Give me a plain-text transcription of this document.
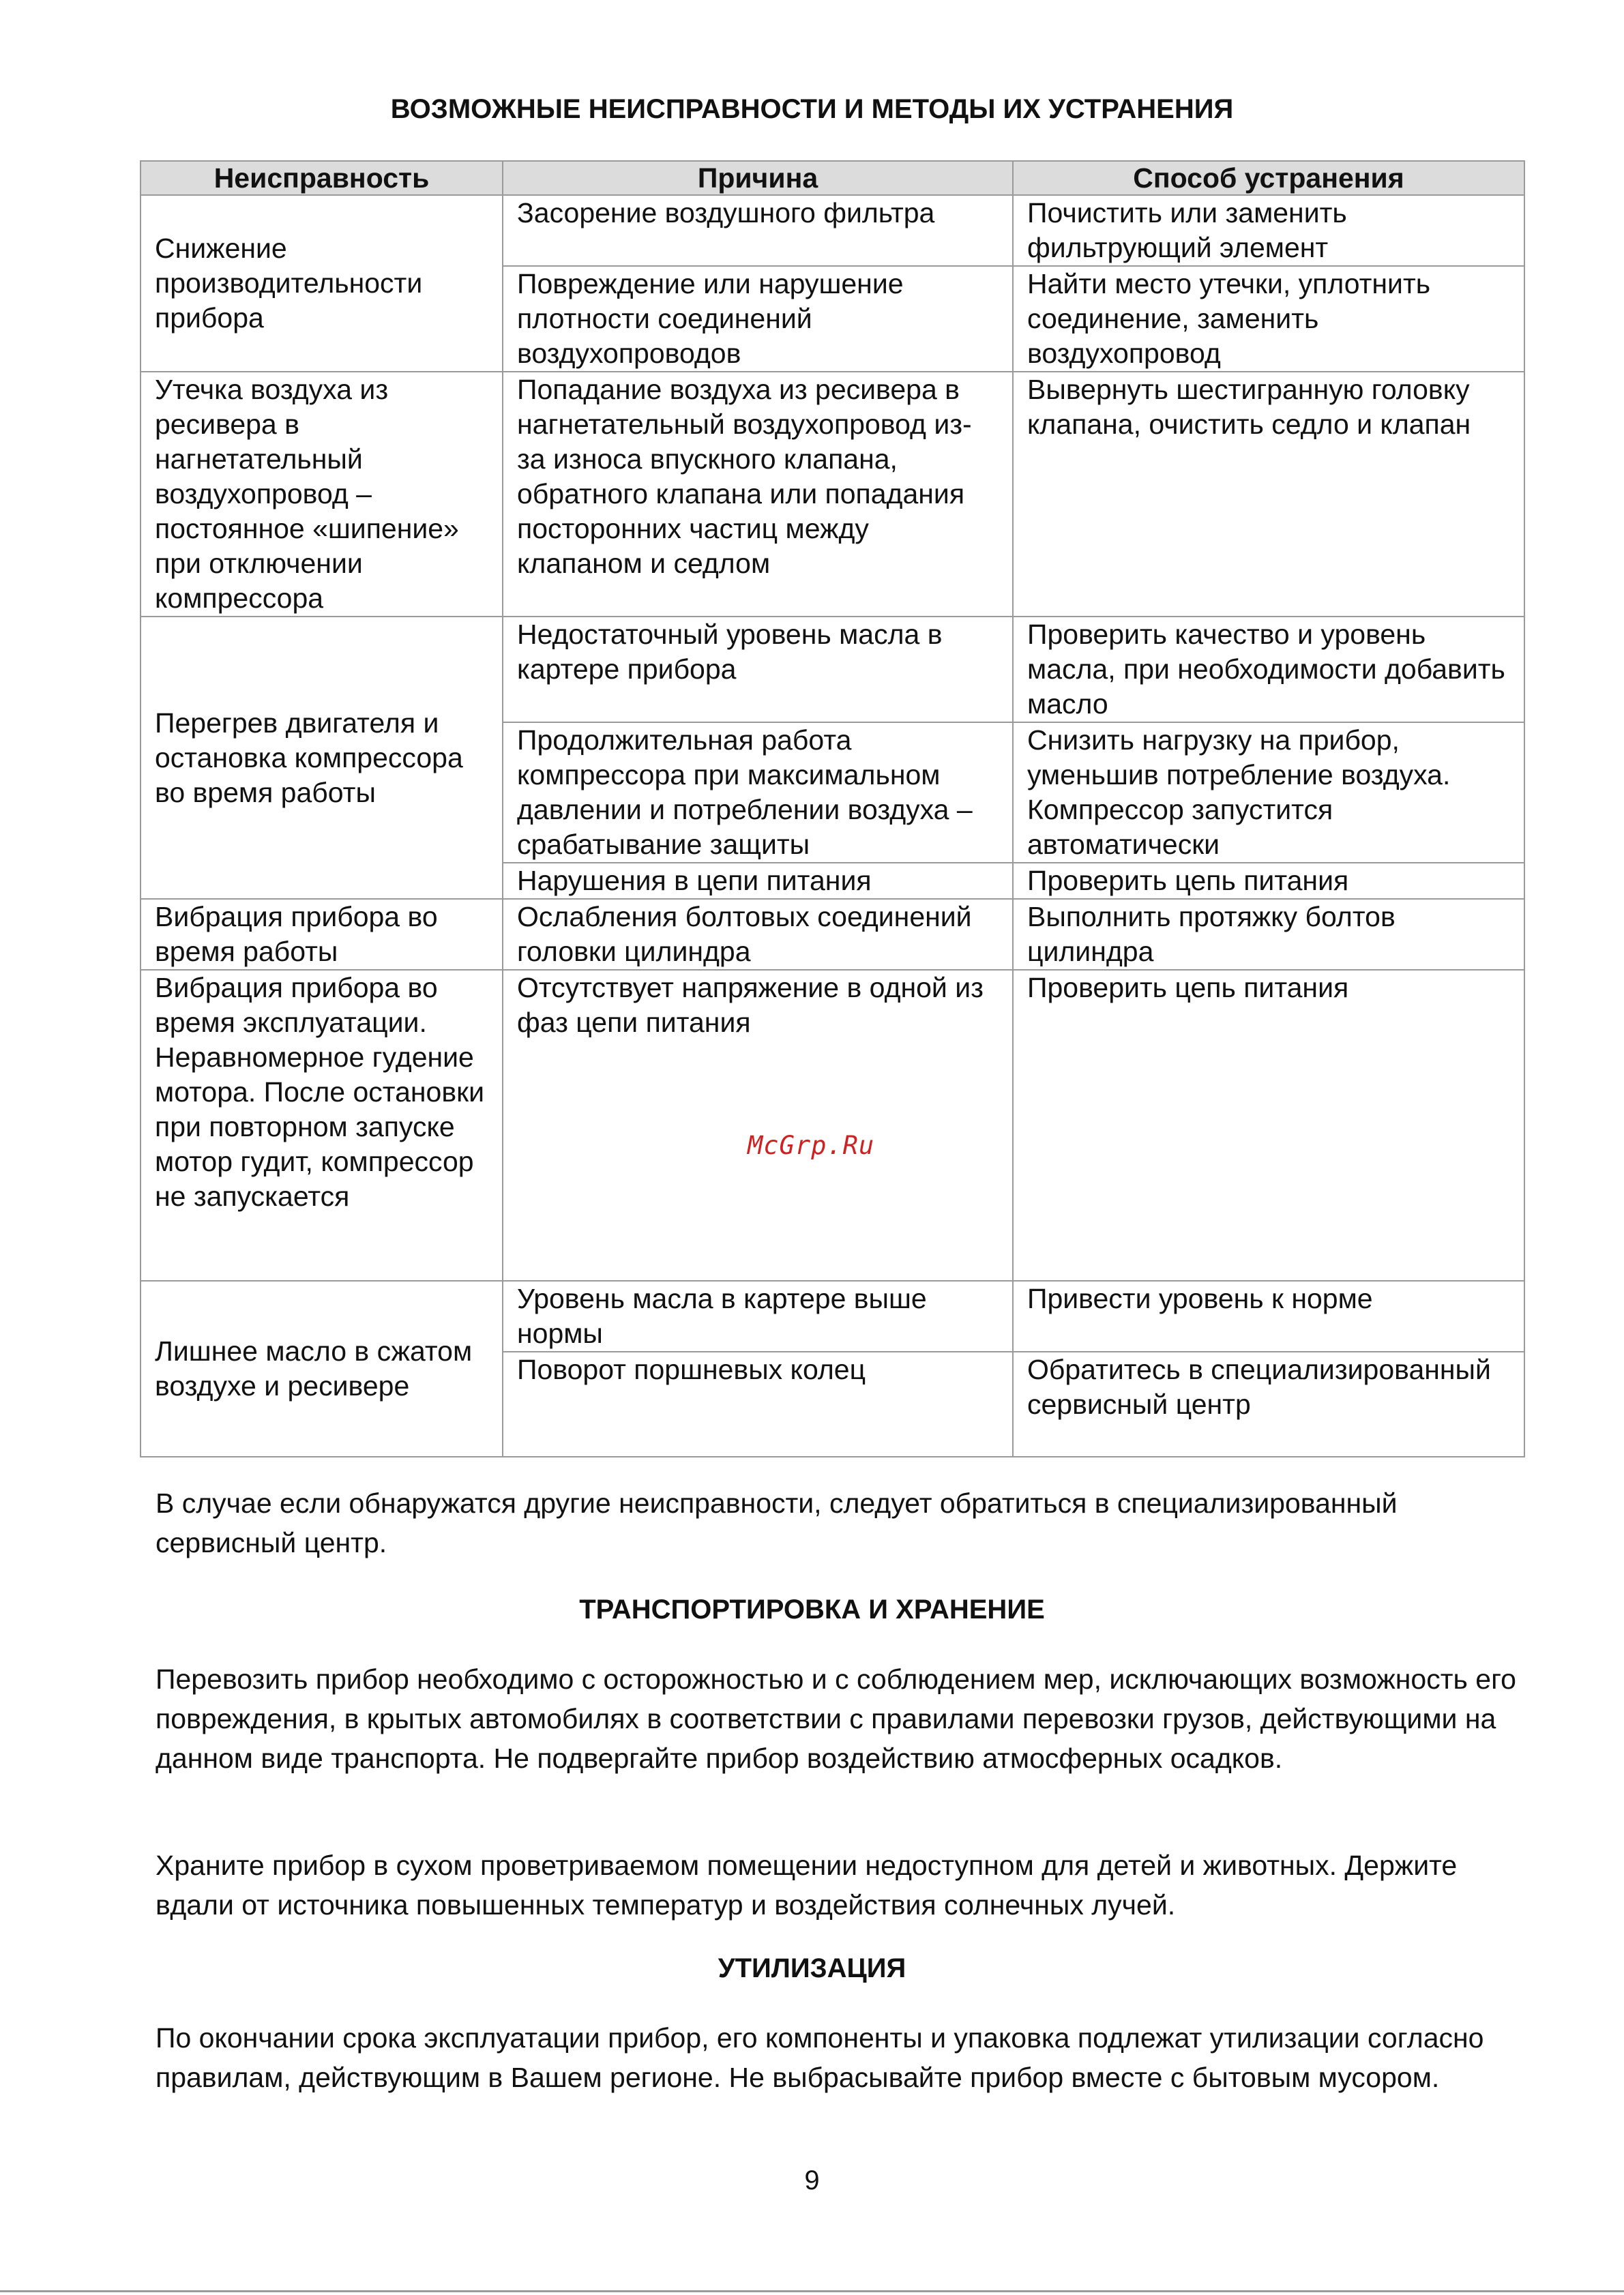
ВОЗМОЖНЫЕ НЕИСПРАВНОСТИ И МЕТОДЫ ИХ УСТРАНЕНИЯ
Неисправность	Причина	Способ устранения
Снижение производительности прибора	Засорение воздушного фильтра	Почистить или заменить фильтрующий элемент
	Повреждение или нарушение плотности соединений воздухопроводов	Найти место утечки, уплотнить соединение, заменить воздухопровод
Утечка воздуха из ресивера в нагнетательный воздухопровод – постоянное «шипение» при отключении компрессора	Попадание воздуха из ресивера в нагнетательный воздухопровод из-за износа впускного клапана, обратного клапана или попадания посторонних частиц между клапаном и седлом	Вывернуть шестигранную головку клапана, очистить седло и клапан
Перегрев двигателя и остановка компрессора во время работы	Недостаточный уровень масла в картере прибора	Проверить качество и уровень масла, при необходимости добавить масло
	Продолжительная работа компрессора при максимальном давлении и потреблении воздуха – срабатывание защиты	Снизить нагрузку на прибор, уменьшив потребление воздуха. Компрессор запустится автоматически
	Нарушения в цепи питания	Проверить цепь питания
Вибрация прибора во время работы	Ослабления болтовых соединений головки цилиндра	Выполнить протяжку болтов цилиндра
Вибрация прибора во время эксплуатации. Неравномерное гудение мотора. После остановки при повторном запуске мотор гудит, компрессор не запускается	Отсутствует напряжение в одной из фаз цепи питания	Проверить цепь питания
Лишнее масло в сжатом воздухе и ресивере	Уровень масла в картере выше нормы	Привести уровень к норме
	Поворот поршневых колец	Обратитесь в специализированный сервисный центр
McGrp.Ru

В случае если обнаружатся другие неисправности, следует обратиться в специализированный сервисный центр.

ТРАНСПОРТИРОВКА И ХРАНЕНИЕ

Перевозить прибор необходимо с осторожностью и с соблюдением мер, исключающих возможность его повреждения, в крытых автомобилях в соответствии с правилами перевозки грузов, действующими на данном виде транспорта. Не подвергайте прибор воздействию атмосферных осадков.

Храните прибор в сухом проветриваемом помещении недоступном для детей и животных. Держите вдали от источника повышенных температур и воздействия солнечных лучей.

УТИЛИЗАЦИЯ

По окончании срока эксплуатации прибор, его компоненты и упаковка подлежат утилизации согласно правилам, действующим в Вашем регионе. Не выбрасывайте прибор вместе с бытовым мусором.

9
